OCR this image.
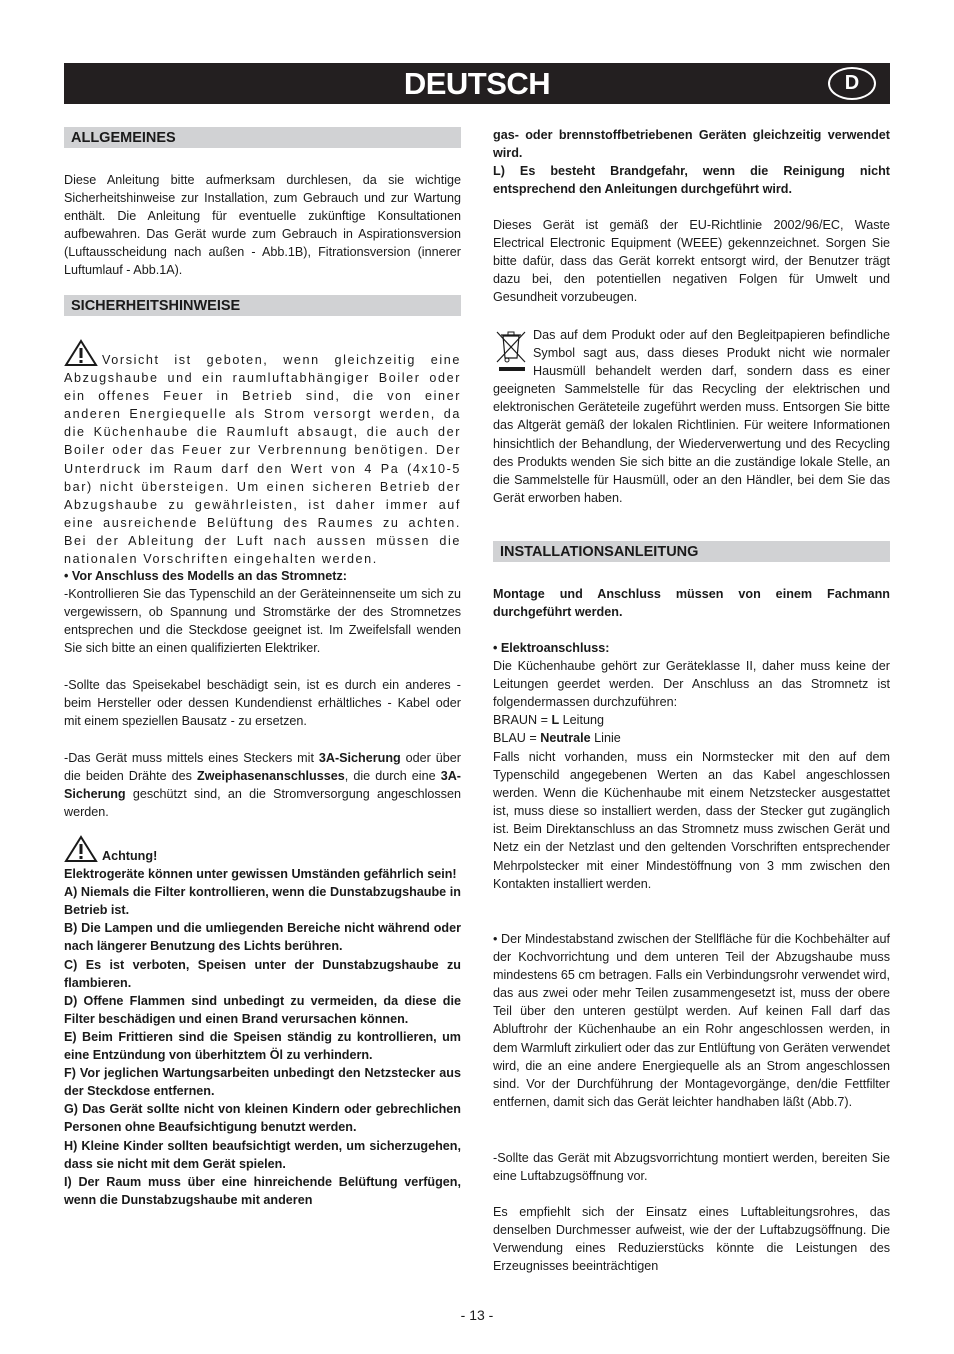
DEUTSCH	D
ALLGEMEINES

Diese Anleitung bitte aufmerksam durchlesen, da sie wichtige Sicherheitshinweise zur Installation, zum Gebrauch und zur Wartung enthält. Die Anleitung für eventuelle zukünftige Konsultationen aufbewahren. Das Gerät wurde zum Gebrauch in Aspirationsversion (Luftausscheidung nach außen - Abb.1B), Fitrationsversion (innerer Luftumlauf - Abb.1A).

SICHERHEITSHINWEISE

Vorsicht ist geboten, wenn gleichzeitig eine Abzugshaube und ein raumluftabhängiger Boiler oder ein offenes Feuer in Betrieb sind, die von einer anderen Energiequelle als Strom versorgt werden, da die Küchenhaube die Raumluft absaugt, die auch der Boiler oder das Feuer zur Verbrennung benötigen. Der Unterdruck im Raum darf den Wert von 4 Pa (4x10-5 bar) nicht übersteigen. Um einen sicheren Betrieb der Abzugshaube zu gewährleisten, ist daher immer auf eine ausreichende Belüftung des Raumes zu achten. Bei der Ableitung der Luft nach aussen müssen die nationalen Vorschriften eingehalten werden.

• Vor Anschluss des Modells an das Stromnetz:

-Kontrollieren Sie das Typenschild an der Geräteinnenseite um sich zu vergewissern, ob Spannung und Stromstärke der des Stromnetzes entsprechen und die Steckdose geeignet ist. Im Zweifelsfall wenden Sie sich bitte an einen qualifizierten Elektriker.

-Sollte das Speisekabel beschädigt sein, ist es durch ein anderes - beim Hersteller oder dessen Kundendienst erhältliches - Kabel oder mit einem speziellen Bausatz - zu ersetzen.

-Das Gerät muss mittels eines Steckers mit 3A-Sicherung oder über die beiden Drähte des Zweiphasenanschlusses, die durch eine 3A-Sicherung geschützt sind, an die Stromversorgung angeschlossen werden.

Achtung!

Elektrogeräte können unter gewissen Umständen gefährlich sein!

A) Niemals die Filter kontrollieren, wenn die Dunstabzugshaube in Betrieb ist.

B) Die Lampen und die umliegenden Bereiche nicht während oder nach längerer Benutzung des Lichts berühren.

C) Es ist verboten, Speisen unter der Dunstabzugshaube zu flambieren.

D) Offene Flammen sind unbedingt zu vermeiden, da diese die Filter beschädigen und einen Brand verursachen können.

E) Beim Frittieren sind die Speisen ständig zu kontrollieren, um eine Entzündung von überhitztem Öl zu verhindern.

F) Vor jeglichen Wartungsarbeiten unbedingt den Netzstecker aus der Steckdose entfernen.

G) Das Gerät sollte nicht von kleinen Kindern oder gebrechlichen Personen ohne Beaufsichtigung benutzt werden.

H) Kleine Kinder sollten beaufsichtigt werden, um sicherzugehen, dass sie nicht mit dem Gerät spielen.

I) Der Raum muss über eine hinreichende Belüftung verfügen, wenn die Dunstabzugshaube mit anderen

gas- oder brennstoffbetriebenen Geräten gleichzeitig verwendet wird.

L) Es besteht Brandgefahr, wenn die Reinigung nicht entsprechend den Anleitungen durchgeführt wird.

Dieses Gerät ist gemäß der EU-Richtlinie 2002/96/EC, Waste Electrical Electronic Equipment (WEEE) gekennzeichnet. Sorgen Sie bitte dafür, dass das Gerät korrekt entsorgt wird, der Benutzer trägt dazu bei, den potentiellen negativen Folgen für Umwelt und Gesundheit vorzubeugen.

Das auf dem Produkt oder auf den Begleitpapieren befindliche Symbol sagt aus, dass dieses Produkt nicht wie normaler Hausmüll behandelt werden darf, sondern dass es einer geeigneten Sammelstelle für das Recycling der elektrischen und elektronischen Geräteteile zugeführt werden muss. Entsorgen Sie bitte das Altgerät gemäß der lokalen Richtlinien. Für weitere Informationen hinsichtlich der Behandlung, der Wiederverwertung und des Recycling des Produkts wenden Sie sich bitte an die zuständige lokale Stelle, an die Sammelstelle für Hausmüll, oder an den Händler, bei dem Sie das Gerät erworben haben.
INSTALLATIONSANLEITUNG

Montage und Anschluss müssen von einem Fachmann durchgeführt werden.

• Elektroanschluss:

Die Küchenhaube gehört zur Geräteklasse II, daher muss keine der Leitungen geerdet werden. Der Anschluss an das Stromnetz ist folgendermassen durchzuführen:

BRAUN = L Leitung

BLAU = Neutrale Linie

Falls nicht vorhanden, muss ein Normstecker mit den auf dem Typenschild angegebenen Werten an das Kabel angeschlossen werden. Wenn die Küchenhaube mit einem Netzstecker ausgestattet ist, muss diese so installiert werden, dass der Stecker gut zugänglich ist. Beim Direktanschluss an das Stromnetz muss zwischen Gerät und Netz ein der Netzlast und den geltenden Vorschriften entsprechender Mehrpolstecker mit einer Mindestöffnung von 3 mm zwischen den Kontakten installiert werden.

• Der Mindestabstand zwischen der Stellfläche für die Kochbehälter auf der Kochvorrichtung und dem unteren Teil der Abzugshaube muss mindestens 65 cm betragen. Falls ein Verbindungsrohr verwendet wird, das aus zwei oder mehr Teilen zusammengesetzt ist, muss der obere Teil über den unteren gestülpt werden. Auf keinen Fall darf das Abluftrohr der Küchenhaube an ein Rohr angeschlossen werden, in dem Warmluft zirkuliert oder das zur Entlüftung von Geräten verwendet wird, die an eine andere Energiequelle als an Strom angeschlossen sind. Vor der Durchführung der Montagevorgänge, den/die Fettfilter entfernen, damit sich das Gerät leichter handhaben läßt (Abb.7).

-Sollte das Gerät mit Abzugsvorrichtung montiert werden, bereiten Sie eine Luftabzugsöffnung vor.

Es empfiehlt sich der Einsatz eines Luftableitungsrohres, das denselben Durchmesser aufweist, wie der der Luftabzugsöffnung. Die Verwendung eines Reduzierstücks könnte die Leistungen des Erzeugnisses beeinträchtigen

- 13 -
